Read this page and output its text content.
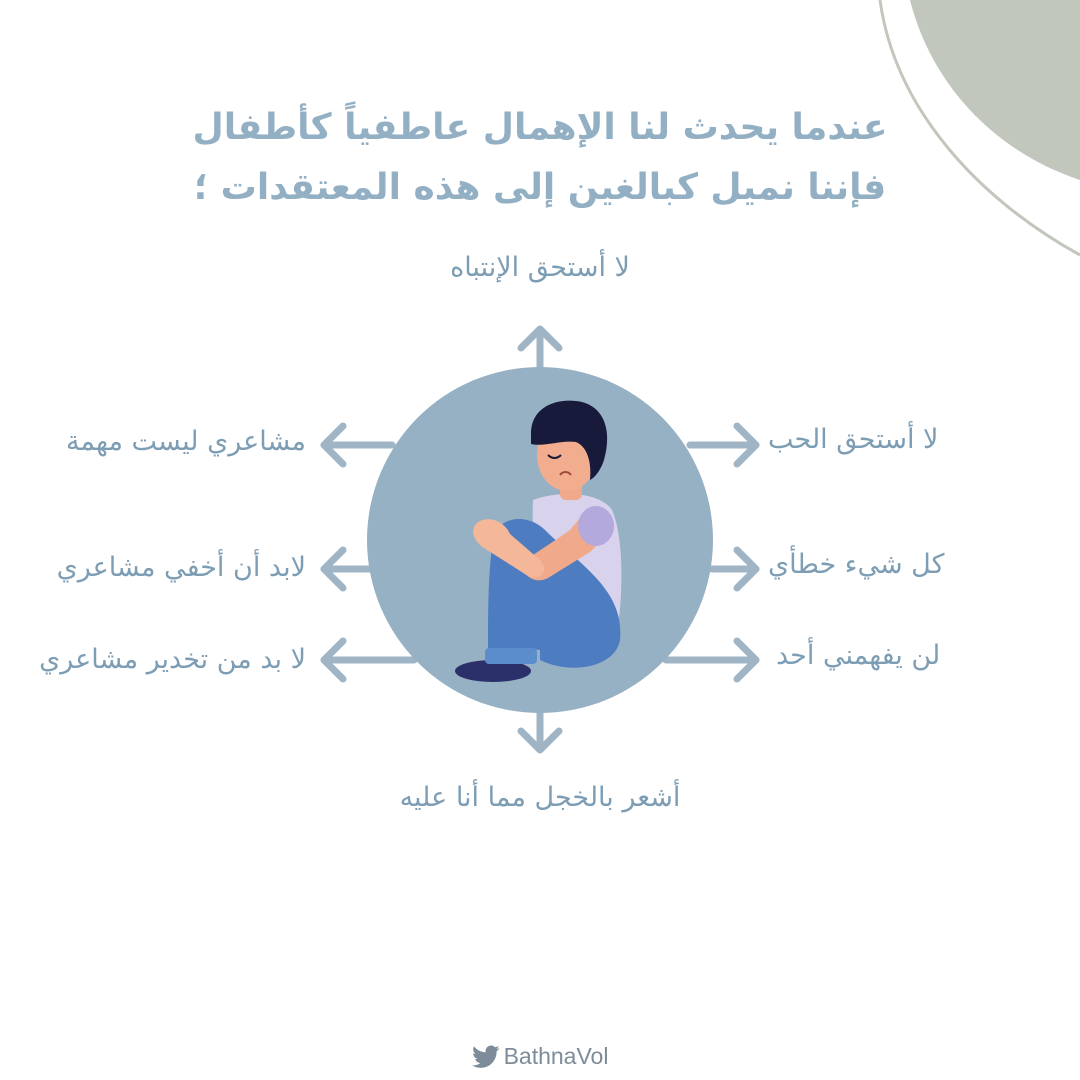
عندما يحدث لنا الإهمال عاطفياً كأطفال
فإننا نميل كبالغين إلى هذه المعتقدات ؛
لا أستحق الإنتباه
لا أستحق الحب
كل شيء خطأي
لن يفهمني أحد
مشاعري ليست مهمة
لابد أن أخفي مشاعري
لا بد من تخدير مشاعري
أشعر بالخجل مما أنا عليه
BathnaVol
